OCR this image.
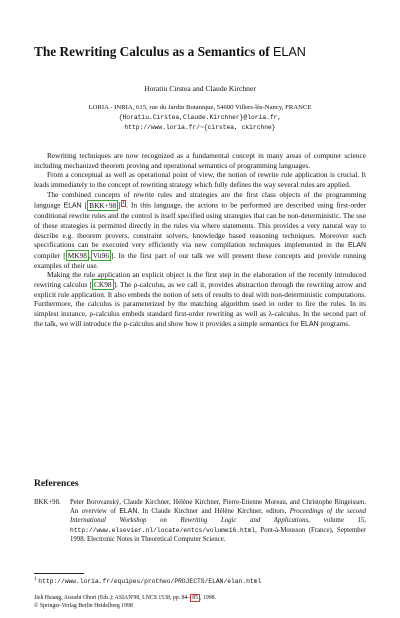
The Rewriting Calculus as a Semantics of ELAN
Horatiu Cirstea and Claude Kirchner
LORIA - INRIA, 615, rue du Jardin Botanique, 54600 Villers-lès-Nancy, FRANCE
{Horatiu.Cirstea,Claude.Kirchner}@loria.fr,
http://www.loria.fr/~{cirstea, ckirchne}

Rewriting techniques are now recognized as a fundamental concept in many areas of computer science including mechanized theorem proving and operational semantics of programming languages.

From a conceptual as well as operational point of view, the notion of rewrite rule application is crucial. It leads immediately to the concept of rewriting strategy which fully defines the way several rules are applied.

The combined concepts of rewrite rules and strategies are the first class objects of the programming language ELAN [ BKK+98 ] $^1$ . In this language, the actions to be performed are described using first-order conditional rewrite rules and the control is itself specified using strategies that can be non-deterministic. The use of these strategies is permitted directly in the rules via where statements. This provides a very natural way to describe e.g. theorem provers, constraint solvers, knowledge based reasoning techniques. Moreover such specifications can be executed very efficiently via new compilation techniques implemented in the ELAN compiler [ MK98 , Vit96 ]. In the first part of our talk we will present these concepts and provide running examples of their use.

Making the rule application an explicit object is the first step in the elaboration of the recently introduced rewriting calculus [ CK98 ]. The ρ-calculus, as we call it, provides abstraction through the rewriting arrow and explicit rule application. It also embeds the notion of sets of results to deal with non-deterministic computations. Furthermore, the calculus is parameterized by the matching algorithm used in order to fire the rules. In its simplest instance, ρ-calculus embeds standard first-order rewriting as well as λ-calculus. In the second part of the talk, we will introduce the ρ-calculus and show how it provides a simple semantics for ELAN programs.

References
BKK+98. Peter Borovanský, Claude Kirchner, Hélène Kirchner, Pierre-Etienne Moreau, and Christophe Ringeissen. An overview of ELAN. In Claude Kirchner and Hélène Kirchner, editors, Proceedings of the second International Workshop on Rewriting Logic and Applications, volume 15, http://www.elsevier.nl/locate/entcs/volume16.html, Pont-à-Mousson (France), September 1998. Electronic Notes in Theoretical Computer Science.
$^1$ http://www.loria.fr/equipes/protheo/PROJECTS/ELAN/elan.html
Jieh Hsiang, Atsushi Ohori (Eds.): ASIAN'98, LNCS 1538, pp. 84– 85 , 1998.
© Springer-Verlag Berlin Heidelberg 1998
